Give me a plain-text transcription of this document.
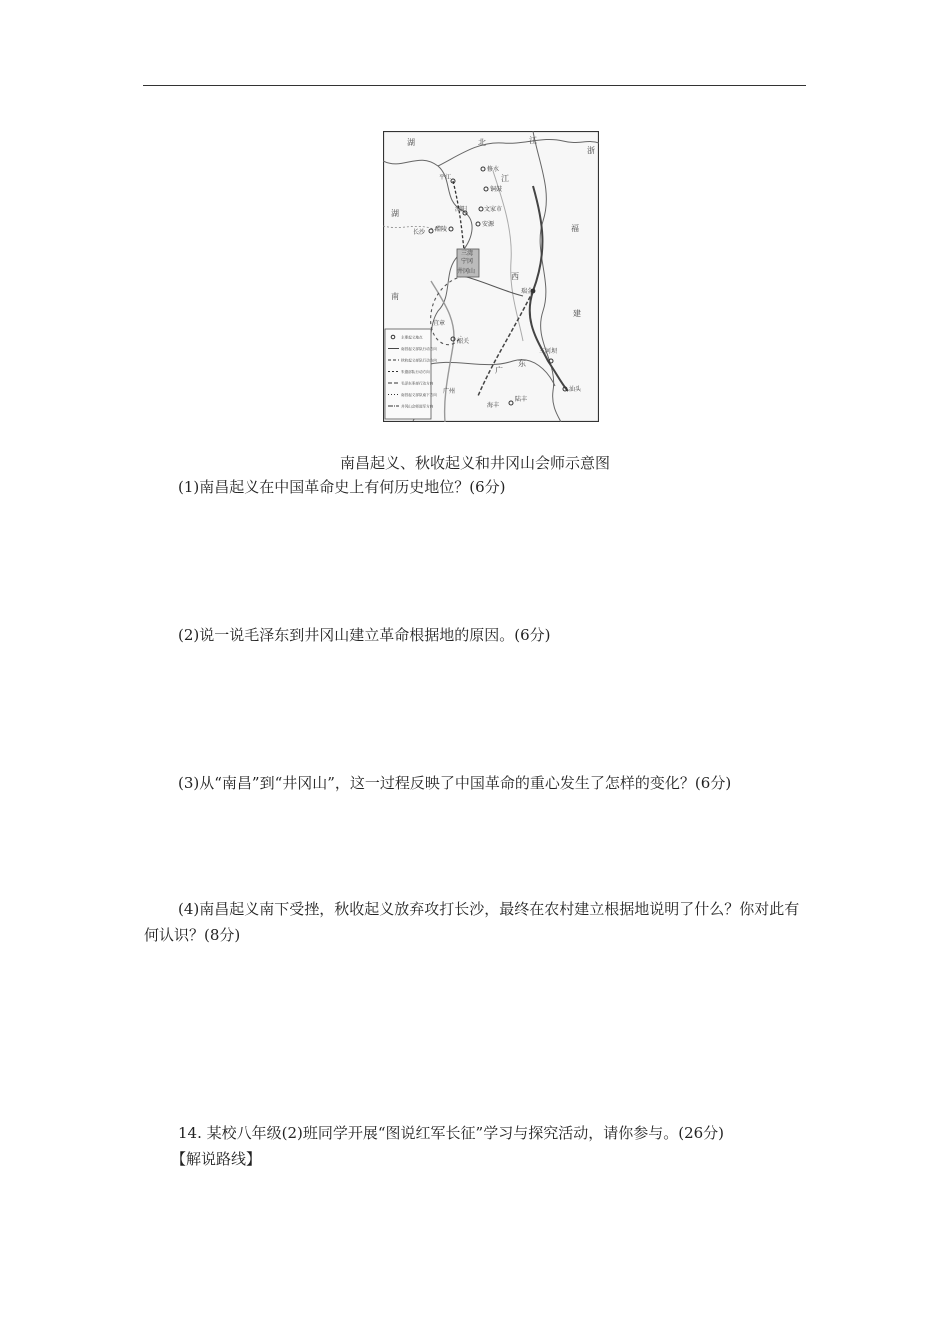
湖	北	江
浙
江
西
福
湖
南
建
广
东
平江
修水
铜鼓
长沙
浏阳	文家市
醴陵
安源
三湾
宁冈
井冈山
宜章
韶关
广州
三河坝
汕头
海丰
陆丰
瑞金
主要起义地点
南昌起义部队行动方向
秋收起义部队行动方向
朱德部队行动方向
毛泽东率部行动方向
南昌起义部队南下方向
井冈山会师进军方向
南昌起义、秋收起义和井冈山会师示意图
(1)南昌起义在中国革命史上有何历史地位？(6分)
(2)说一说毛泽东到井冈山建立革命根据地的原因。(6分)
(3)从“南昌”到“井冈山”，这一过程反映了中国革命的重心发生了怎样的变化？(6分)
(4)南昌起义南下受挫，秋收起义放弃攻打长沙，最终在农村建立根据地说明了什么？你对此有何认识？(8分)
14. 某校八年级(2)班同学开展“图说红军长征”学习与探究活动，请你参与。(26分)
【解说路线】
